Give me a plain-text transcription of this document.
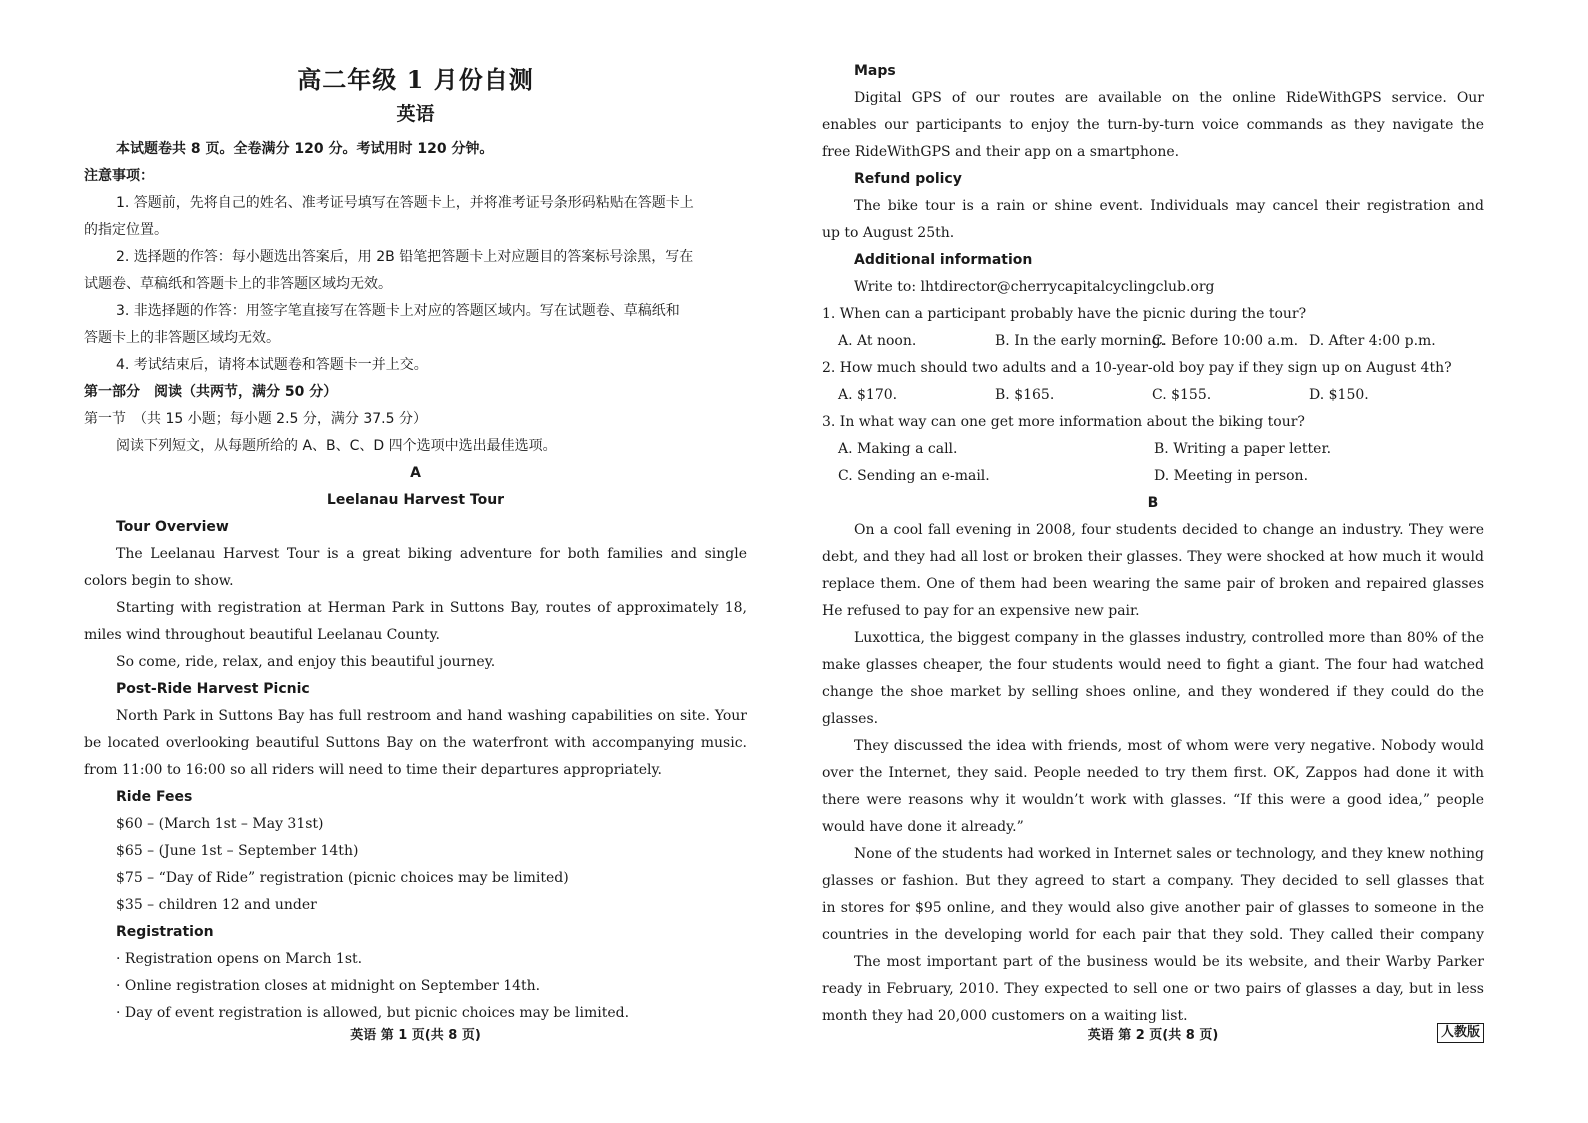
高二年级 1 月份自测
英语
本试题卷共 8 页。全卷满分 120 分。考试用时 120 分钟。
注意事项：
1. 答题前，先将自己的姓名、准考证号填写在答题卡上，并将准考证号条形码粘贴在答题卡上
的指定位置。
2. 选择题的作答：每小题选出答案后，用 2B 铅笔把答题卡上对应题目的答案标号涂黑，写在
试题卷、草稿纸和答题卡上的非答题区域均无效。
3. 非选择题的作答：用签字笔直接写在答题卡上对应的答题区域内。写在试题卷、草稿纸和
答题卡上的非答题区域均无效。
4. 考试结束后，请将本试题卷和答题卡一并上交。
第一部分　阅读（共两节，满分 50 分）
第一节　（共 15 小题；每小题 2.5 分，满分 37.5 分）
阅读下列短文，从每题所给的 A、B、C、D 四个选项中选出最佳选项。
A
Leelanau Harvest Tour
Tour Overview
The Leelanau Harvest Tour is a great biking adventure for both families and single
colors begin to show.
Starting with registration at Herman Park in Suttons Bay, routes of approximately 18,
miles wind throughout beautiful Leelanau County.
So come, ride, relax, and enjoy this beautiful journey.
Post-Ride Harvest Picnic
North Park in Suttons Bay has full restroom and hand washing capabilities on site. Your
be located overlooking beautiful Suttons Bay on the waterfront with accompanying music.
from 11:00 to 16:00 so all riders will need to time their departures appropriately.
Ride Fees
$60 – (March 1st – May 31st)
$65 – (June 1st – September 14th)
$75 – “Day of Ride” registration (picnic choices may be limited)
$35 – children 12 and under
Registration
· Registration opens on March 1st.
· Online registration closes at midnight on September 14th.
· Day of event registration is allowed, but picnic choices may be limited.
英语 第 1 页(共 8 页)
Maps
Digital GPS of our routes are available on the online RideWithGPS service. Our
enables our participants to enjoy the turn-by-turn voice commands as they navigate the
free RideWithGPS and their app on a smartphone.
Refund policy
The bike tour is a rain or shine event. Individuals may cancel their registration and
up to August 25th.
Additional information
Write to: lhtdirector@cherrycapitalcyclingclub.org
1. When can a participant probably have the picnic during the tour?
A. At noon.	B. In the early morning.
C. Before 10:00 a.m. D. After 4:00 p.m.
2. How much should two adults and a 10-year-old boy pay if they sign up on August 4th?
A. $170.	B. $165.	C. $155.	D. $150.
3. In what way can one get more information about the biking tour?
A. Making a call.	B. Writing a paper letter.
C. Sending an e-mail.	D. Meeting in person.
B
On a cool fall evening in 2008, four students decided to change an industry. They were
debt, and they had all lost or broken their glasses. They were shocked at how much it would
replace them. One of them had been wearing the same pair of broken and repaired glasses
He refused to pay for an expensive new pair.
Luxottica, the biggest company in the glasses industry, controlled more than 80% of the
make glasses cheaper, the four students would need to fight a giant. The four had watched
change the shoe market by selling shoes online, and they wondered if they could do the
glasses.
They discussed the idea with friends, most of whom were very negative. Nobody would
over the Internet, they said. People needed to try them first. OK, Zappos had done it with
there were reasons why it wouldn’t work with glasses. “If this were a good idea,” people
would have done it already.”
None of the students had worked in Internet sales or technology, and they knew nothing
glasses or fashion. But they agreed to start a company. They decided to sell glasses that
in stores for $95 online, and they would also give another pair of glasses to someone in the
countries in the developing world for each pair that they sold. They called their company
The most important part of the business would be its website, and their Warby Parker
ready in February, 2010. They expected to sell one or two pairs of glasses a day, but in less
month they had 20,000 customers on a waiting list.
英语 第 2 页(共 8 页)	人教版
